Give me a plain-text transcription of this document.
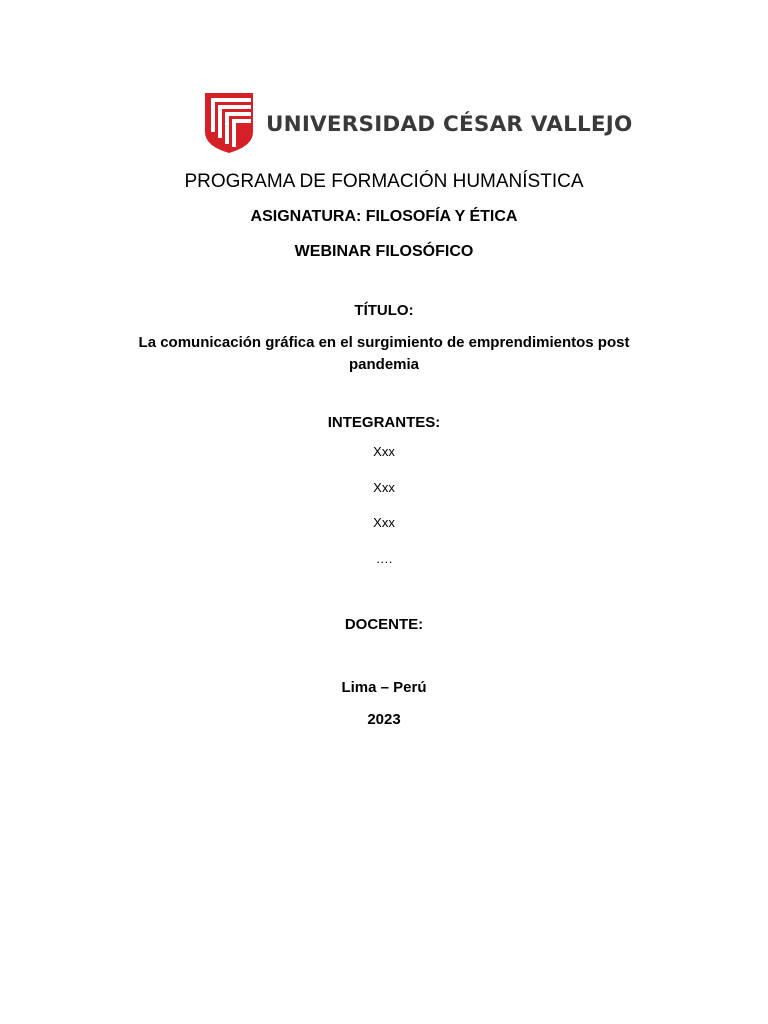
UNIVERSIDAD CÉSAR VALLEJO
PROGRAMA DE FORMACIÓN HUMANÍSTICA
ASIGNATURA: FILOSOFÍA Y ÉTICA
WEBINAR FILOSÓFICO
TÍTULO:
La comunicación gráfica en el surgimiento de emprendimientos post pandemia
INTEGRANTES:
Xxx
Xxx
Xxx
….
DOCENTE:
Lima – Perú
2023
